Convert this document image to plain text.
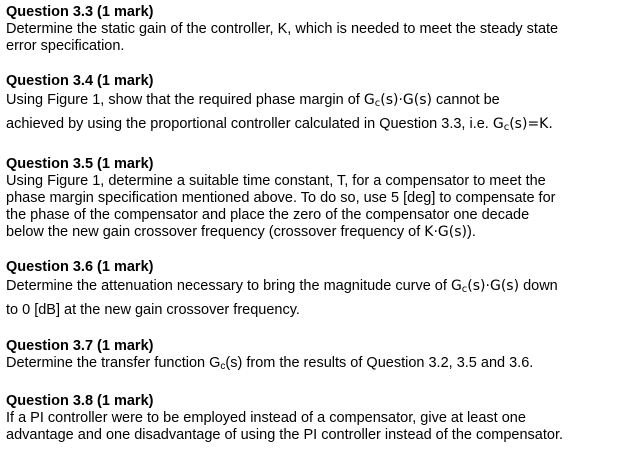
Question 3.3 (1 mark)
Determine the static gain of the controller, K, which is needed to meet the steady state
error specification.
Question 3.4 (1 mark)
Using Figure 1, show that the required phase margin of $G_c(s)\cdot G(s)$ cannot be
achieved by using the proportional controller calculated in Question 3.3, i.e. $G_c(s)=K$.
Question 3.5 (1 mark)
Using Figure 1, determine a suitable time constant, T, for a compensator to meet the
phase margin specification mentioned above. To do so, use 5 [deg] to compensate for
the phase of the compensator and place the zero of the compensator one decade
below the new gain crossover frequency (crossover frequency of K·G(s)).
Question 3.6 (1 mark)
Determine the attenuation necessary to bring the magnitude curve of $G_c(s)\cdot G(s)$ down
to 0 [dB] at the new gain crossover frequency.
Question 3.7 (1 mark)
Determine the transfer function $G_c(s)$ from the results of Question 3.2, 3.5 and 3.6.
Question 3.8 (1 mark)
If a PI controller were to be employed instead of a compensator, give at least one
advantage and one disadvantage of using the PI controller instead of the compensator.
